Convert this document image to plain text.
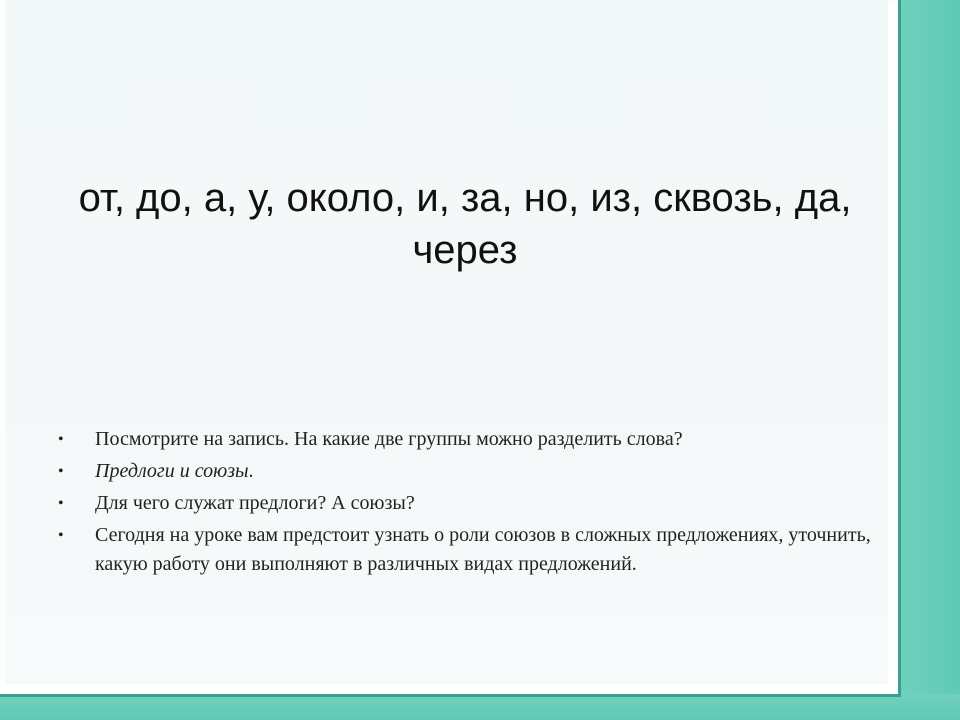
от, до, а, у, около, и, за, но, из, сквозь, да, через
• Посмотрите на запись. На какие две группы можно разделить слова?
• Предлоги и союзы.
• Для чего служат предлоги? А союзы?
• Сегодня на уроке вам предстоит узнать о роли союзов в сложных предложениях, уточнить, какую работу они выполняют в различных видах предложений.
